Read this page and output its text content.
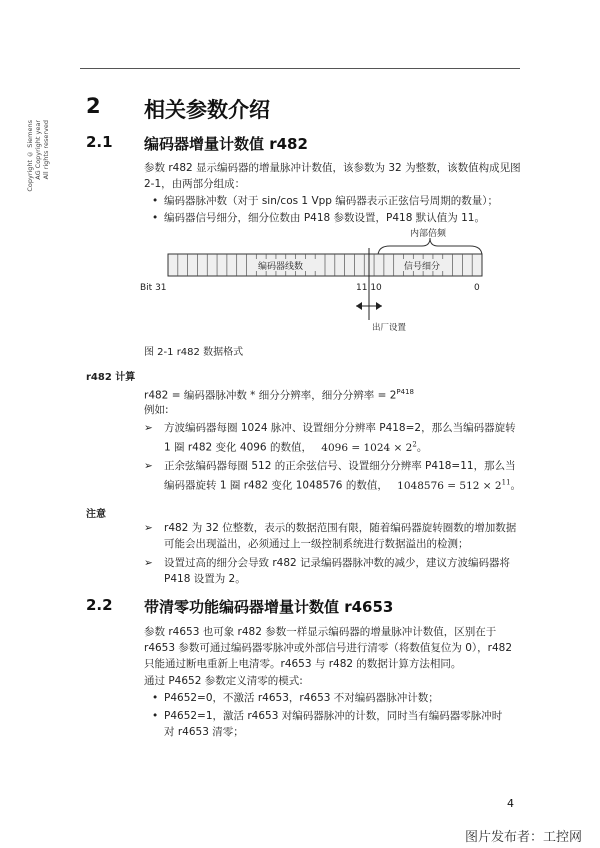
Copyright © Siemens AG Copyright year All rights reserved
2 相关参数介绍
2.1 编码器增量计数值 r482
参数 r482 显示编码器的增量脉冲计数值，该参数为 32 为整数，该数值构成见图
2-1，由两部分组成：
• 编码器脉冲数（对于 sin/cos 1 Vpp 编码器表示正弦信号周期的数量）；
• 编码器信号细分，细分位数由 P418 参数设置，P418 默认值为 11。
内部倍频
编码器线数	信号细分
Bit 31	11 10	0
出厂设置
图 2-1 r482 数据格式
r482 计算
r482 = 编码器脉冲数 * 细分分辨率，细分分辨率 = $2^{P418}$
例如:
➢ 方波编码器每圈 1024 脉冲、设置细分分辨率 P418=2，那么当编码器旋转
1 圈 r482 变化 4096 的数值， $4096 = 1024 \times 2^2$。
➢ 正余弦编码器每圈 512 的正余弦信号、设置细分分辨率 P418=11，那么当
编码器旋转 1 圈 r482 变化 1048576 的数值， $1048576 = 512 \times 2^{11}$。
注意
➢ r482 为 32 位整数，表示的数据范围有限，随着编码器旋转圈数的增加数据
可能会出现溢出，必须通过上一级控制系统进行数据溢出的检测；
➢ 设置过高的细分会导致 r482 记录编码器脉冲数的减少，建议方波编码器将
P418 设置为 2。
2.2 带清零功能编码器增量计数值 r4653
参数 r4653 也可象 r482 参数一样显示编码器的增量脉冲计数值，区别在于
r4653 参数可通过编码器零脉冲或外部信号进行清零（将数值复位为 0），r482
只能通过断电重新上电清零。r4653 与 r482 的数据计算方法相同。
通过 P4652 参数定义清零的模式:
• P4652=0，不激活 r4653，r4653 不对编码器脉冲计数；
• P4652=1，激活 r4653 对编码器脉冲的计数，同时当有编码器零脉冲时
对 r4653 清零；
4
图片发布者：工控网
